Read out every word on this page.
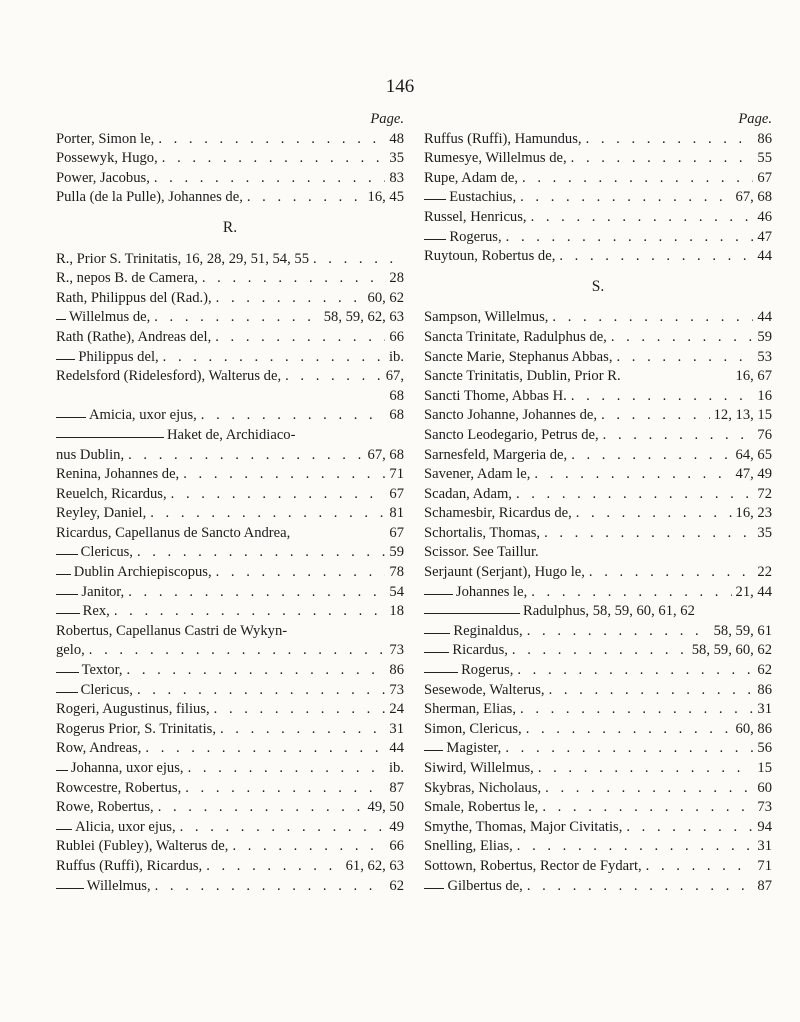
146
Page.
Porter, Simon le, . . .	48
Possewyk, Hugo, . . .	35
Power, Jacobus, . . .	83
Pulla (de la Pulle), Johannes de, . . .	16, 45
R.
R., Prior S. Trinitatis, 16, 28, 29, 51, 54, 55
. . .
R., nepos B. de Camera, . . .	28
Rath, Philippus del (Rad.), . . .	60, 62
Willelmus de, . . .	58, 59, 62, 63
Rath (Rathe), Andreas del, . . .	66
Philippus del, . . .	ib.
Redelsford (Ridelesford), Walterus de, . . .	67,
68
Amicia, uxor ejus, . . .	68
Haket de, Archidiaco-
nus Dublin, . . .	67, 68
Renina, Johannes de, . . .	71
Reuelch, Ricardus, . . .	67
Reyley, Daniel, . . .	81
Ricardus, Capellanus de Sancto Andrea,	67
Clericus, . . .	59
Dublin Archiepiscopus, . . .	78
Janitor, . . .	54
Rex, . . .	18
Robertus, Capellanus Castri de Wykyn-
gelo, . . .	73
Textor, . . .	86
Clericus, . . .	73
Rogeri, Augustinus, filius, . . .	24
Rogerus Prior, S. Trinitatis, . . .	31
Row, Andreas, . . .	44
Johanna, uxor ejus, . . .	ib.
Rowcestre, Robertus, . . .	87
Rowe, Robertus, . . .	49, 50
Alicia, uxor ejus, . . .	49
Rublei (Fubley), Walterus de, . . .	66
Ruffus (Ruffi), Ricardus, . . .	61, 62, 63
Willelmus, . . .	62
Page.
Ruffus (Ruffi), Hamundus, . . .	86
Rumesye, Willelmus de, . . .	55
Rupe, Adam de, . . .	67
Eustachius, . . .	67, 68
Russel, Henricus, . . .	46
Rogerus, . . .	47
Ruytoun, Robertus de, . . .	44
S.
Sampson, Willelmus, . . .	44
Sancta Trinitate, Radulphus de, . . .	59
Sancte Marie, Stephanus Abbas, . . .	53
Sancte Trinitatis, Dublin, Prior R.	16, 67
Sancti Thome, Abbas H. . . .	16
Sancto Johanne, Johannes de, . . .	12, 13, 15
Sancto Leodegario, Petrus de, . . .	76
Sarnesfeld, Margeria de, . . .	64, 65
Savener, Adam le, . . .	47, 49
Scadan, Adam, . . .	72
Schamesbir, Ricardus de, . . .	16, 23
Schortalis, Thomas, . . .	35
Scissor. See Taillur.
Serjaunt (Serjant), Hugo le, . . .	22
Johannes le, . . .	21, 44
Radulphus, 58, 59, 60, 61, 62
Reginaldus, . . .	58, 59, 61
Ricardus, . . .	58, 59, 60, 62
Rogerus, . . .	62
Sesewode, Walterus, . . .	86
Sherman, Elias, . . .	31
Simon, Clericus, . . .	60, 86
Magister, . . .	56
Siwird, Willelmus, . . .	15
Skybras, Nicholaus, . . .	60
Smale, Robertus le, . . .	73
Smythe, Thomas, Major Civitatis, . . .	94
Snelling, Elias, . . .	31
Sottown, Robertus, Rector de Fydart, . . .	71
Gilbertus de, . . .	87
